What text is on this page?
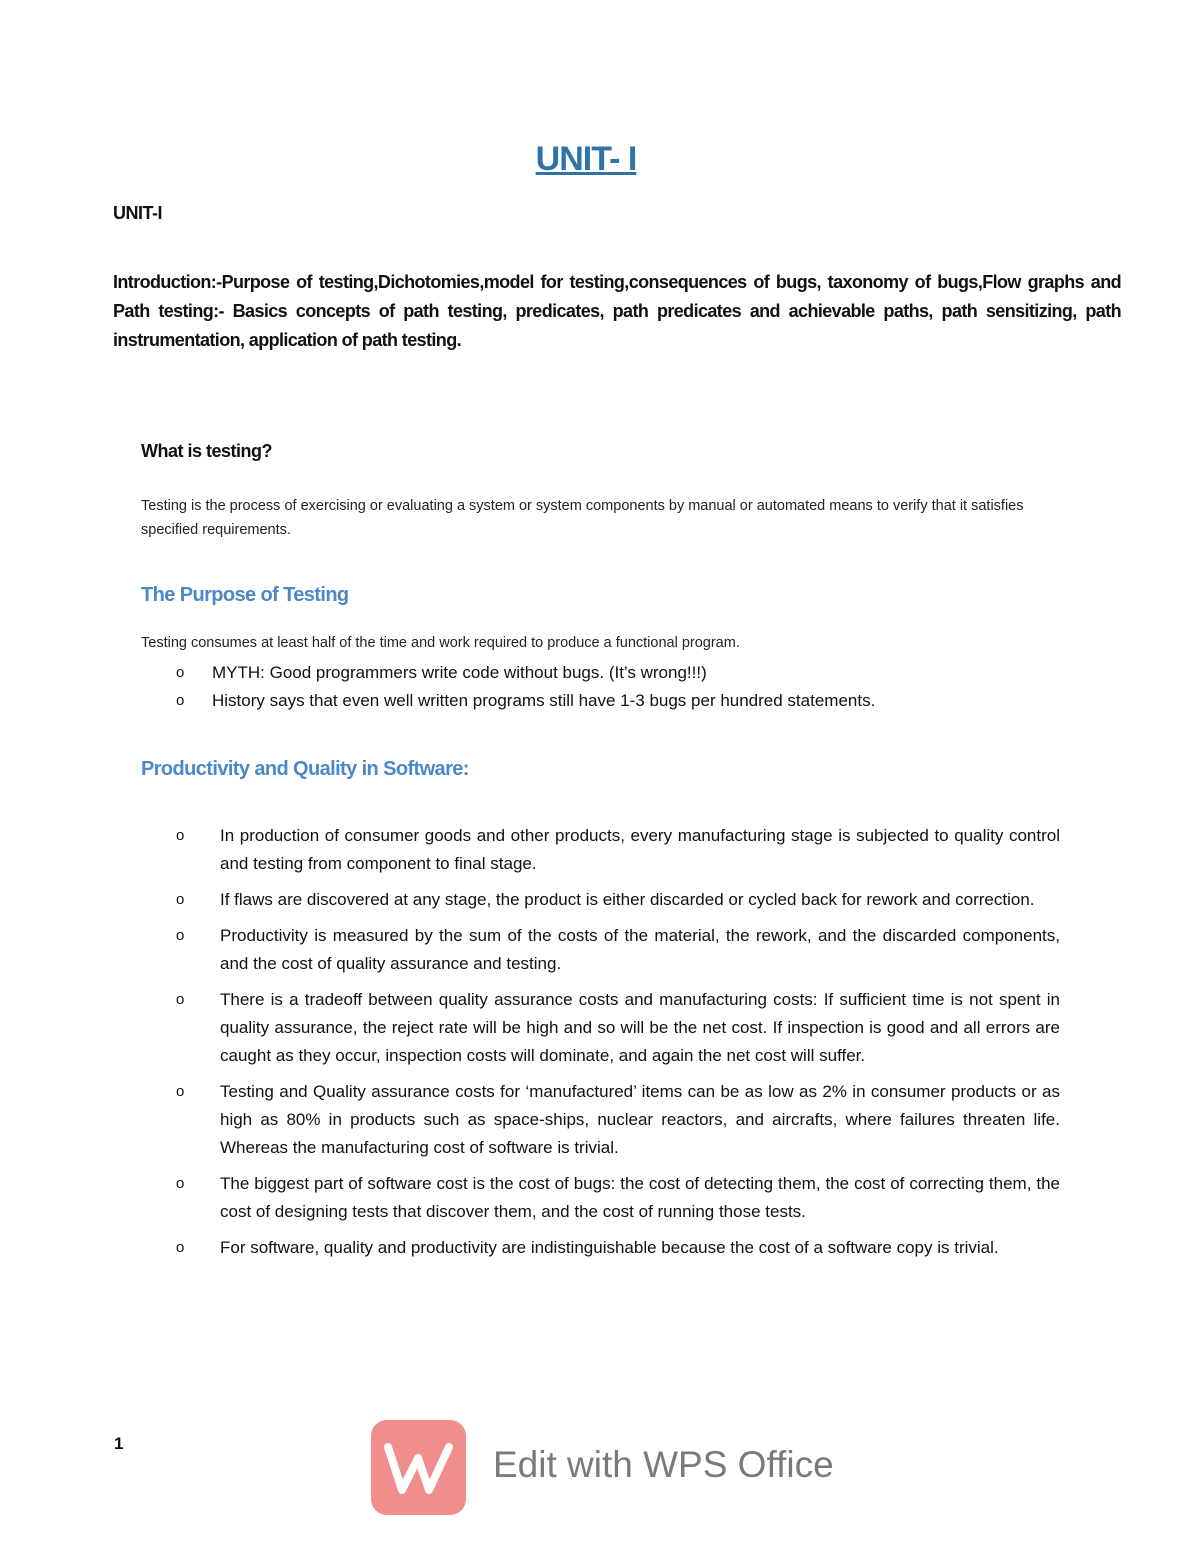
UNIT- I
UNIT-I

Introduction:-Purpose of testing,Dichotomies,model for testing,consequences of bugs, taxonomy of bugs,Flow graphs and Path testing:- Basics concepts of path testing, predicates, path predicates and achievable paths, path sensitizing, path instrumentation, application of path testing.

What is testing?

Testing is the process of exercising or evaluating a system or system components by manual or automated means to verify that it satisfies specified requirements.

The Purpose of Testing

Testing consumes at least half of the time and work required to produce a functional program.

o MYTH: Good programmers write code without bugs. (It’s wrong!!!)
o History says that even well written programs still have 1-3 bugs per hundred statements.
Productivity and Quality in Software:
o In production of consumer goods and other products, every manufacturing stage is subjected to quality control and testing from component to final stage.
o If flaws are discovered at any stage, the product is either discarded or cycled back for rework and correction.
o Productivity is measured by the sum of the costs of the material, the rework, and the discarded components, and the cost of quality assurance and testing.
o There is a tradeoff between quality assurance costs and manufacturing costs: If sufficient time is not spent in quality assurance, the reject rate will be high and so will be the net cost. If inspection is good and all errors are caught as they occur, inspection costs will dominate, and again the net cost will suffer.
o Testing and Quality assurance costs for ‘manufactured’ items can be as low as 2% in consumer products or as high as 80% in products such as space-ships, nuclear reactors, and aircrafts, where failures threaten life. Whereas the manufacturing cost of software is trivial.
o The biggest part of software cost is the cost of bugs: the cost of detecting them, the cost of correcting them, the cost of designing tests that discover them, and the cost of running those tests.
o For software, quality and productivity are indistinguishable because the cost of a software copy is trivial.
1
Edit with WPS Office
